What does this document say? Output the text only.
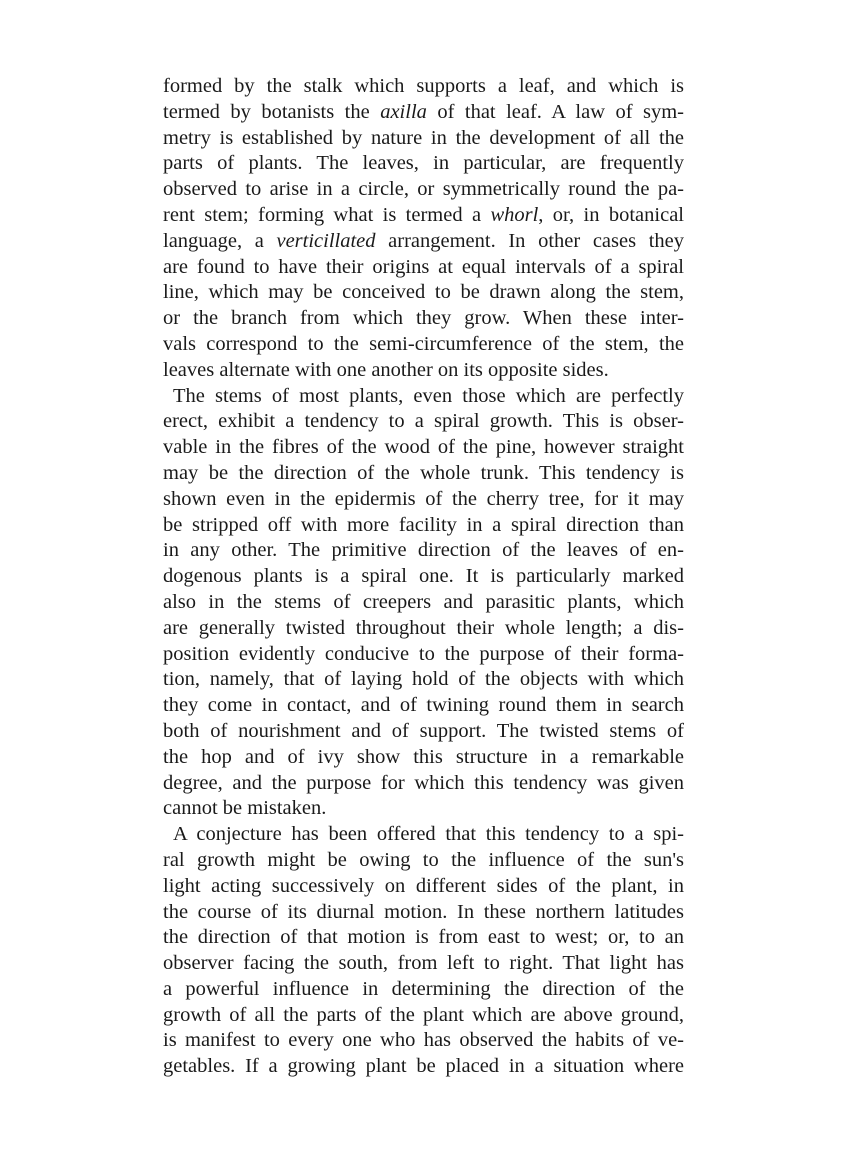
formed by the stalk which supports a leaf, and which is
termed by botanists the axilla of that leaf. A law of sym-
metry is established by nature in the development of all the
parts of plants. The leaves, in particular, are frequently
observed to arise in a circle, or symmetrically round the pa-
rent stem; forming what is termed a whorl, or, in botanical
language, a verticillated arrangement. In other cases they
are found to have their origins at equal intervals of a spiral
line, which may be conceived to be drawn along the stem,
or the branch from which they grow. When these inter-
vals correspond to the semi-circumference of the stem, the
leaves alternate with one another on its opposite sides.
The stems of most plants, even those which are perfectly
erect, exhibit a tendency to a spiral growth. This is obser-
vable in the fibres of the wood of the pine, however straight
may be the direction of the whole trunk. This tendency is
shown even in the epidermis of the cherry tree, for it may
be stripped off with more facility in a spiral direction than
in any other. The primitive direction of the leaves of en-
dogenous plants is a spiral one. It is particularly marked
also in the stems of creepers and parasitic plants, which
are generally twisted throughout their whole length; a dis-
position evidently conducive to the purpose of their forma-
tion, namely, that of laying hold of the objects with which
they come in contact, and of twining round them in search
both of nourishment and of support. The twisted stems of
the hop and of ivy show this structure in a remarkable
degree, and the purpose for which this tendency was given
cannot be mistaken.
A conjecture has been offered that this tendency to a spi-
ral growth might be owing to the influence of the sun's
light acting successively on different sides of the plant, in
the course of its diurnal motion. In these northern latitudes
the direction of that motion is from east to west; or, to an
observer facing the south, from left to right. That light has
a powerful influence in determining the direction of the
growth of all the parts of the plant which are above ground,
is manifest to every one who has observed the habits of ve-
getables. If a growing plant be placed in a situation where
